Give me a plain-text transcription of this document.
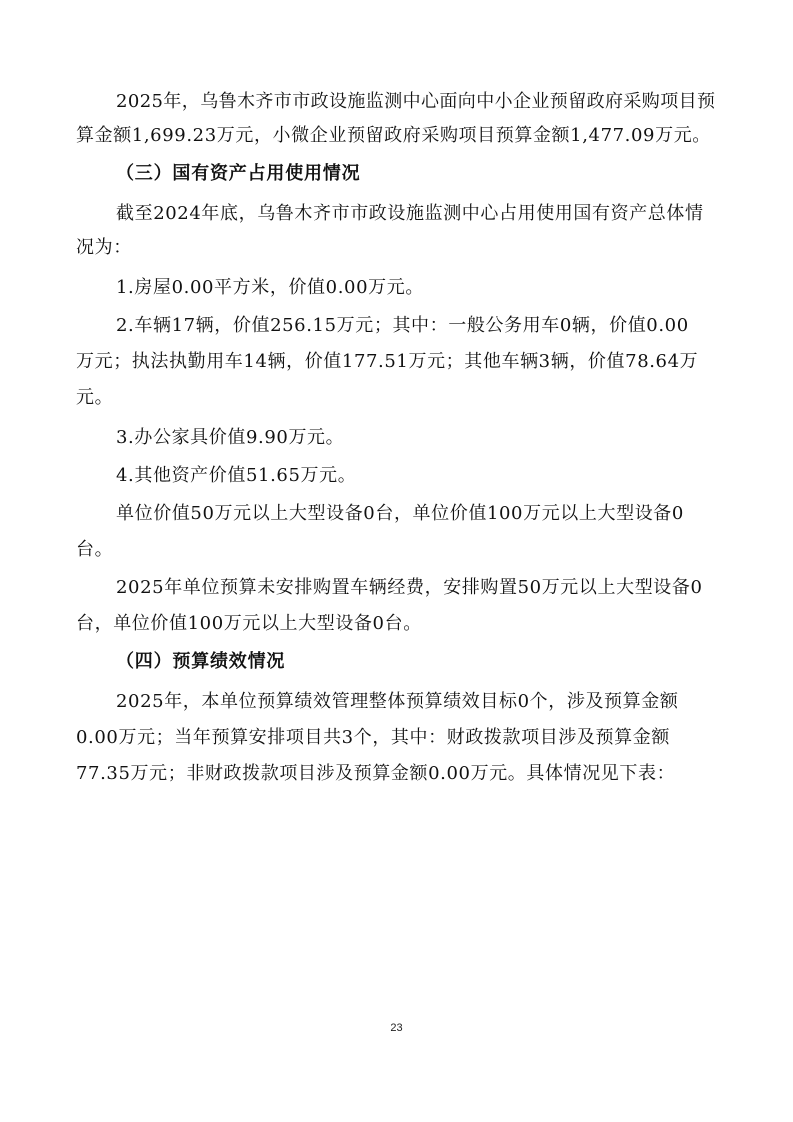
2025年，乌鲁木齐市市政设施监测中心面向中小企业预留政府采购项目预
算金额1,699.23万元，小微企业预留政府采购项目预算金额1,477.09万元。
（三）国有资产占用使用情况
截至2024年底，乌鲁木齐市市政设施监测中心占用使用国有资产总体情
况为：
1.房屋0.00平方米，价值0.00万元。
2.车辆17辆，价值256.15万元；其中：一般公务用车0辆，价值0.00
万元；执法执勤用车14辆，价值177.51万元；其他车辆3辆，价值78.64万
元。
3.办公家具价值9.90万元。
4.其他资产价值51.65万元。
单位价值50万元以上大型设备0台，单位价值100万元以上大型设备0
台。
2025年单位预算未安排购置车辆经费，安排购置50万元以上大型设备0
台，单位价值100万元以上大型设备0台。
（四）预算绩效情况
2025年，本单位预算绩效管理整体预算绩效目标0个，涉及预算金额
0.00万元；当年预算安排项目共3个，其中：财政拨款项目涉及预算金额
77.35万元；非财政拨款项目涉及预算金额0.00万元。具体情况见下表：
23
